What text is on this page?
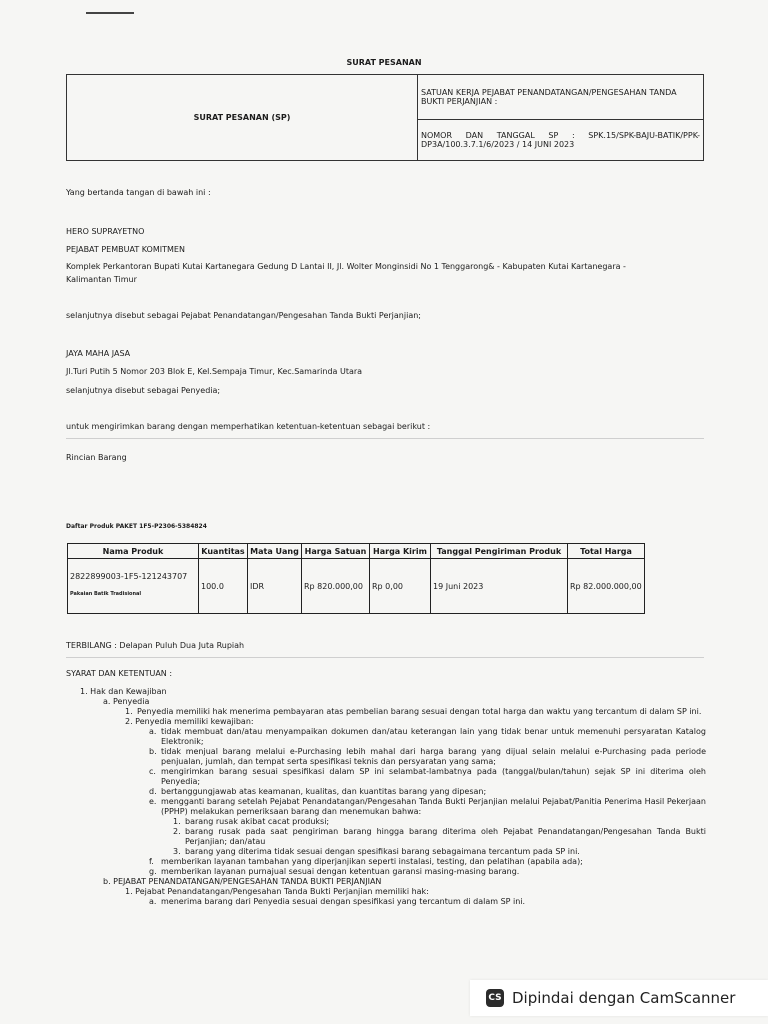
SURAT PESANAN
SURAT PESANAN (SP)	SATUAN KERJA PEJABAT PENANDATANGAN/PENGESAHAN TANDA BUKTI PERJANJIAN :
NOMOR DAN TANGGAL SP : SPK.15/SPK-BAJU-BATIK/PPK-DP3A/100.3.7.1/6/2023 / 14 JUNI 2023
Yang bertanda tangan di bawah ini :
HERO SUPRAYETNO
PEJABAT PEMBUAT KOMITMEN
Komplek Perkantoran Bupati Kutai Kartanegara Gedung D Lantai II, Jl. Wolter Monginsidi No 1 Tenggarong& - Kabupaten Kutai Kartanegara -
Kalimantan Timur
selanjutnya disebut sebagai Pejabat Penandatangan/Pengesahan Tanda Bukti Perjanjian;
JAYA MAHA JASA
Jl.Turi Putih 5 Nomor 203 Blok E, Kel.Sempaja Timur, Kec.Samarinda Utara
selanjutnya disebut sebagai Penyedia;
untuk mengirimkan barang dengan memperhatikan ketentuan-ketentuan sebagai berikut :
Rincian Barang
Daftar Produk PAKET 1F5-P2306-5384824
Nama Produk	Kuantitas	Mata Uang	Harga Satuan	Harga Kirim	Tanggal Pengiriman Produk	Total Harga

2822899003-1F5-121243707
Pakaian Batik Tradisional	100.0	IDR	Rp 820.000,00	Rp 0,00	19 Juni 2023	Rp 82.000.000,00
TERBILANG : Delapan Puluh Dua Juta Rupiah
SYARAT DAN KETENTUAN :
1. Hak dan Kewajiban
a. Penyedia
1. Penyedia memiliki hak menerima pembayaran atas pembelian barang sesuai dengan total harga dan waktu yang tercantum di dalam SP ini.
2. Penyedia memiliki kewajiban:
a. tidak membuat dan/atau menyampaikan dokumen dan/atau keterangan lain yang tidak benar untuk memenuhi persyaratan Katalog Elektronik;
b. tidak menjual barang melalui e-Purchasing lebih mahal dari harga barang yang dijual selain melalui e-Purchasing pada periode penjualan, jumlah, dan tempat serta spesifikasi teknis dan persyaratan yang sama;
c. mengirimkan barang sesuai spesifikasi dalam SP ini selambat-lambatnya pada (tanggal/bulan/tahun) sejak SP ini diterima oleh Penyedia;
d. bertanggungjawab atas keamanan, kualitas, dan kuantitas barang yang dipesan;
e. mengganti barang setelah Pejabat Penandatangan/Pengesahan Tanda Bukti Perjanjian melalui Pejabat/Panitia Penerima Hasil Pekerjaan (PPHP) melakukan pemeriksaan barang dan menemukan bahwa:
1. barang rusak akibat cacat produksi;
2. barang rusak pada saat pengiriman barang hingga barang diterima oleh Pejabat Penandatangan/Pengesahan Tanda Bukti Perjanjian; dan/atau
3. barang yang diterima tidak sesuai dengan spesifikasi barang sebagaimana tercantum pada SP ini.
f. memberikan layanan tambahan yang diperjanjikan seperti instalasi, testing, dan pelatihan (apabila ada);
g. memberikan layanan purnajual sesuai dengan ketentuan garansi masing-masing barang.
b. PEJABAT PENANDATANGAN/PENGESAHAN TANDA BUKTI PERJANJIAN
1. Pejabat Penandatangan/Pengesahan Tanda Bukti Perjanjian memiliki hak:
a. menerima barang dari Penyedia sesuai dengan spesifikasi yang tercantum di dalam SP ini.
CS Dipindai dengan CamScanner
